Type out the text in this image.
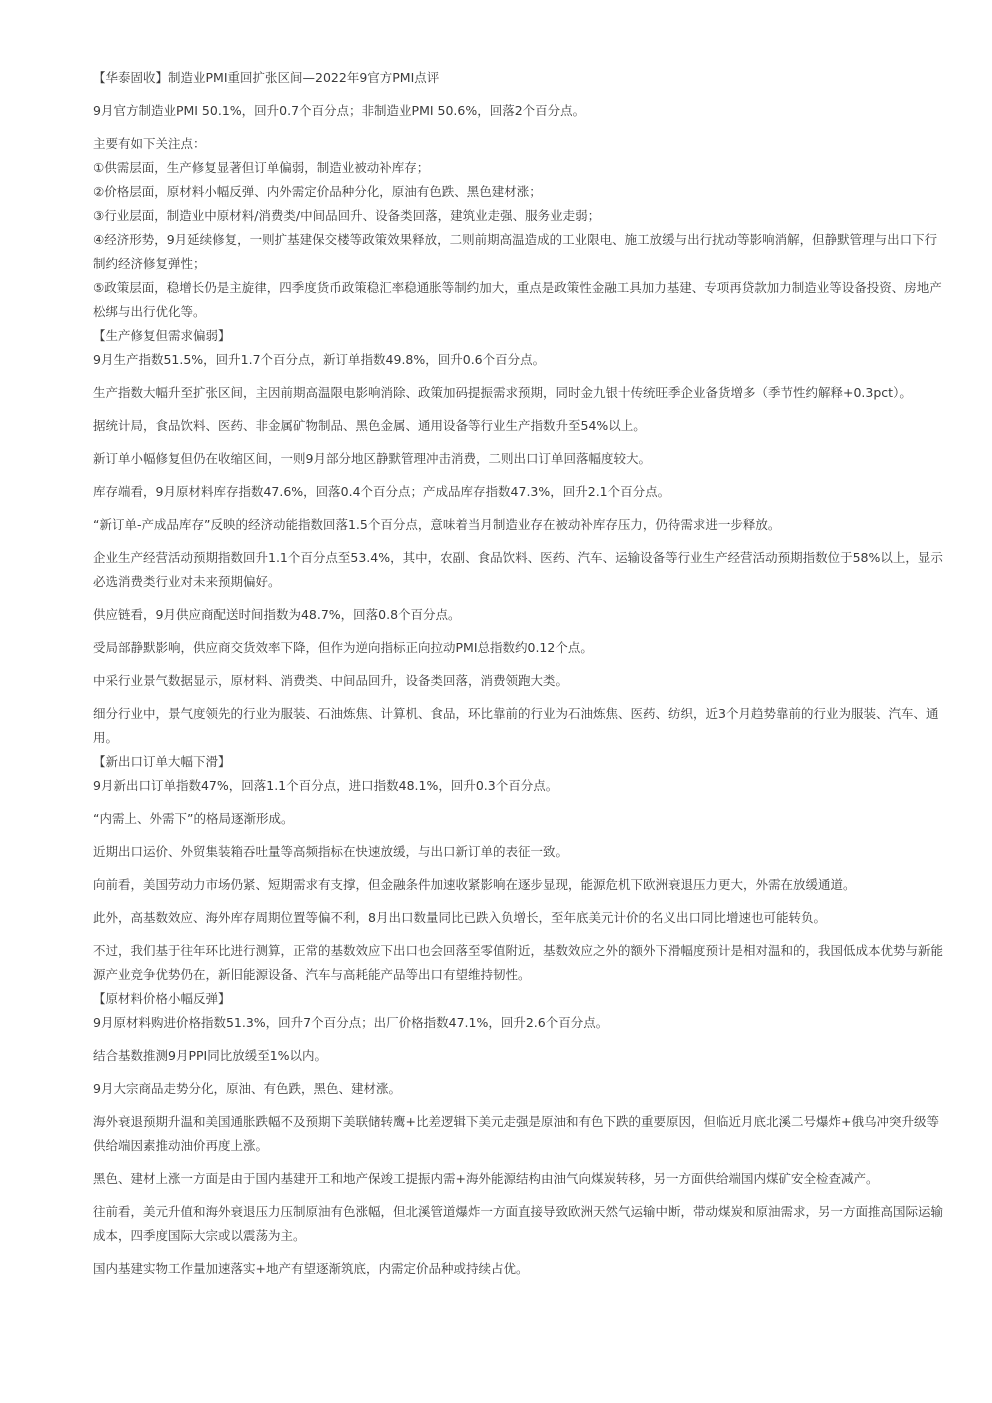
【华泰固收】制造业PMI重回扩张区间—2022年9官方PMI点评

9月官方制造业PMI 50.1%，回升0.7个百分点；非制造业PMI 50.6%，回落2个百分点。

主要有如下关注点：

①供需层面，生产修复显著但订单偏弱，制造业被动补库存；

②价格层面，原材料小幅反弹、内外需定价品种分化，原油有色跌、黑色建材涨；

③行业层面，制造业中原材料/消费类/中间品回升、设备类回落，建筑业走强、服务业走弱；

④经济形势，9月延续修复，一则扩基建保交楼等政策效果释放，二则前期高温造成的工业限电、施工放缓与出行扰动等影响消解，但静默管理与出口下行制约经济修复弹性；

⑤政策层面，稳增长仍是主旋律，四季度货币政策稳汇率稳通胀等制约加大，重点是政策性金融工具加力基建、专项再贷款加力制造业等设备投资、房地产松绑与出行优化等。

【生产修复但需求偏弱】

9月生产指数51.5%，回升1.7个百分点，新订单指数49.8%，回升0.6个百分点。

生产指数大幅升至扩张区间，主因前期高温限电影响消除、政策加码提振需求预期，同时金九银十传统旺季企业备货增多（季节性约解释+0.3pct）。

据统计局，食品饮料、医药、非金属矿物制品、黑色金属、通用设备等行业生产指数升至54%以上。

新订单小幅修复但仍在收缩区间，一则9月部分地区静默管理冲击消费，二则出口订单回落幅度较大。

库存端看，9月原材料库存指数47.6%，回落0.4个百分点；产成品库存指数47.3%，回升2.1个百分点。

“新订单-产成品库存”反映的经济动能指数回落1.5个百分点，意味着当月制造业存在被动补库存压力，仍待需求进一步释放。

企业生产经营活动预期指数回升1.1个百分点至53.4%，其中，农副、食品饮料、医药、汽车、运输设备等行业生产经营活动预期指数位于58%以上，显示必选消费类行业对未来预期偏好。

供应链看，9月供应商配送时间指数为48.7%，回落0.8个百分点。

受局部静默影响，供应商交货效率下降，但作为逆向指标正向拉动PMI总指数约0.12个点。

中采行业景气数据显示，原材料、消费类、中间品回升，设备类回落，消费领跑大类。

细分行业中，景气度领先的行业为服装、石油炼焦、计算机、食品，环比靠前的行业为石油炼焦、医药、纺织，近3个月趋势靠前的行业为服装、汽车、通用。

【新出口订单大幅下滑】

9月新出口订单指数47%，回落1.1个百分点，进口指数48.1%，回升0.3个百分点。

“内需上、外需下”的格局逐渐形成。

近期出口运价、外贸集装箱吞吐量等高频指标在快速放缓，与出口新订单的表征一致。

向前看，美国劳动力市场仍紧、短期需求有支撑，但金融条件加速收紧影响在逐步显现，能源危机下欧洲衰退压力更大，外需在放缓通道。

此外，高基数效应、海外库存周期位置等偏不利，8月出口数量同比已跌入负增长，至年底美元计价的名义出口同比增速也可能转负。

不过，我们基于往年环比进行测算，正常的基数效应下出口也会回落至零值附近，基数效应之外的额外下滑幅度预计是相对温和的，我国低成本优势与新能源产业竞争优势仍在，新旧能源设备、汽车与高耗能产品等出口有望维持韧性。

【原材料价格小幅反弹】

9月原材料购进价格指数51.3%，回升7个百分点；出厂价格指数47.1%，回升2.6个百分点。

结合基数推测9月PPI同比放缓至1%以内。

9月大宗商品走势分化，原油、有色跌，黑色、建材涨。

海外衰退预期升温和美国通胀跌幅不及预期下美联储转鹰+比差逻辑下美元走强是原油和有色下跌的重要原因，但临近月底北溪二号爆炸+俄乌冲突升级等供给端因素推动油价再度上涨。

黑色、建材上涨一方面是由于国内基建开工和地产保竣工提振内需+海外能源结构由油气向煤炭转移，另一方面供给端国内煤矿安全检查减产。

往前看，美元升值和海外衰退压力压制原油有色涨幅，但北溪管道爆炸一方面直接导致欧洲天然气运输中断，带动煤炭和原油需求，另一方面推高国际运输成本，四季度国际大宗或以震荡为主。

国内基建实物工作量加速落实+地产有望逐渐筑底，内需定价品种或持续占优。
